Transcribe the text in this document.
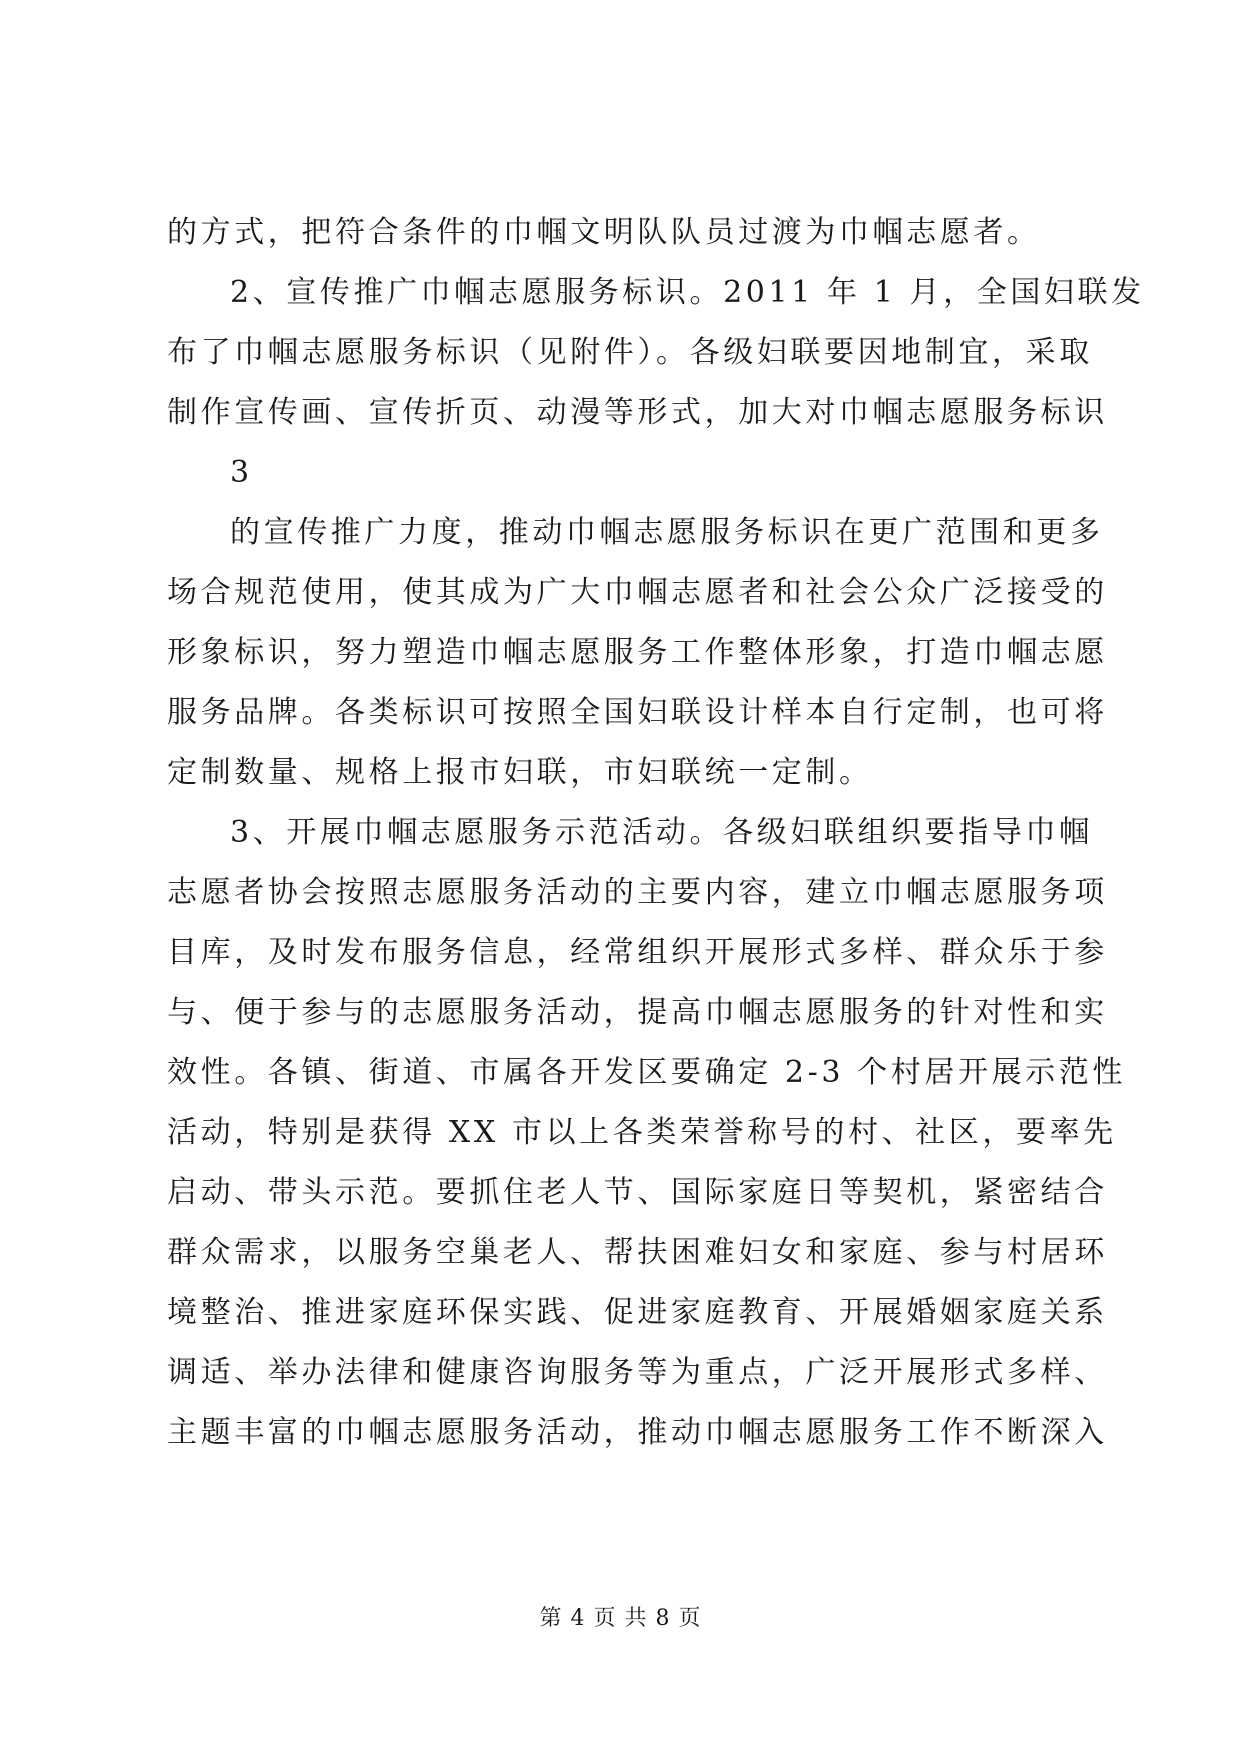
的方式，把符合条件的巾帼文明队队员过渡为巾帼志愿者。
2、宣传推广巾帼志愿服务标识。2011 年 1 月，全国妇联发
布了巾帼志愿服务标识（见附件）。各级妇联要因地制宜，采取
制作宣传画、宣传折页、动漫等形式，加大对巾帼志愿服务标识
3
的宣传推广力度，推动巾帼志愿服务标识在更广范围和更多
场合规范使用，使其成为广大巾帼志愿者和社会公众广泛接受的
形象标识，努力塑造巾帼志愿服务工作整体形象，打造巾帼志愿
服务品牌。各类标识可按照全国妇联设计样本自行定制，也可将
定制数量、规格上报市妇联，市妇联统一定制。
3、开展巾帼志愿服务示范活动。各级妇联组织要指导巾帼
志愿者协会按照志愿服务活动的主要内容，建立巾帼志愿服务项
目库，及时发布服务信息，经常组织开展形式多样、群众乐于参
与、便于参与的志愿服务活动，提高巾帼志愿服务的针对性和实
效性。各镇、街道、市属各开发区要确定 2-3 个村居开展示范性
活动，特别是获得 XX 市以上各类荣誉称号的村、社区，要率先
启动、带头示范。要抓住老人节、国际家庭日等契机，紧密结合
群众需求，以服务空巢老人、帮扶困难妇女和家庭、参与村居环
境整治、推进家庭环保实践、促进家庭教育、开展婚姻家庭关系
调适、举办法律和健康咨询服务等为重点，广泛开展形式多样、
主题丰富的巾帼志愿服务活动，推动巾帼志愿服务工作不断深入
第 4 页 共 8 页
